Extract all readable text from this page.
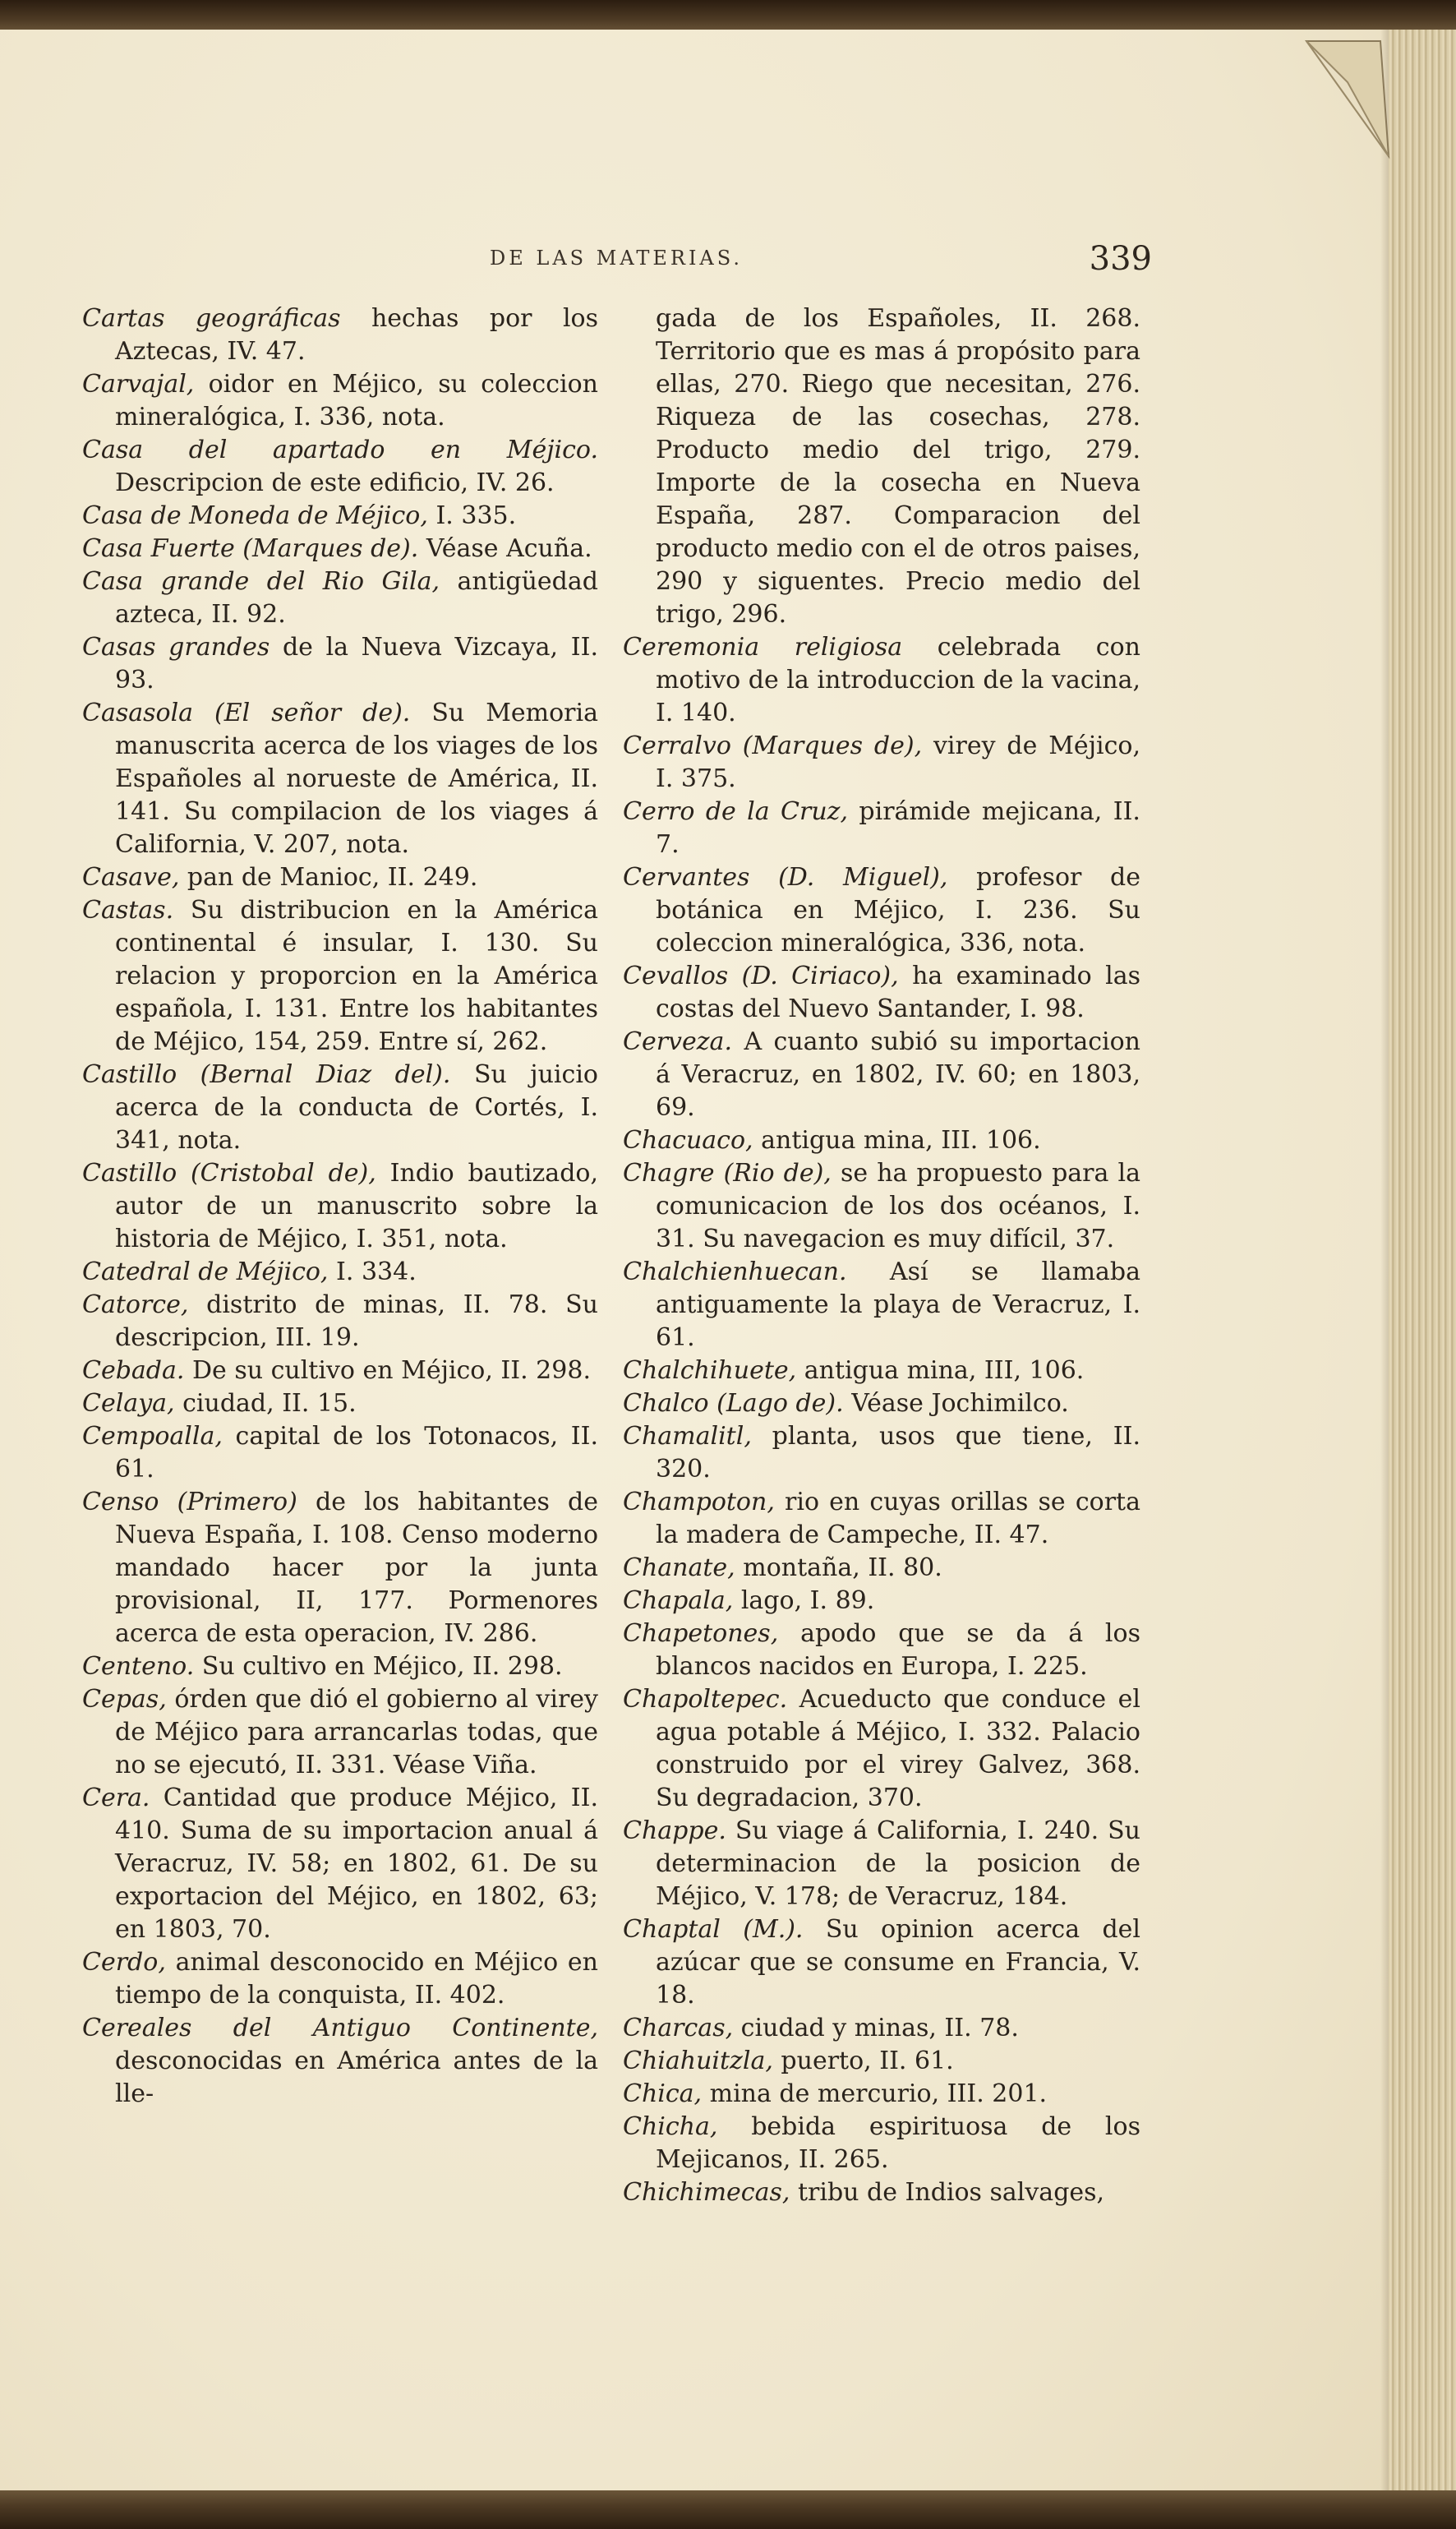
DE LAS MATERIAS.	339

Cartas geográficas hechas por los Aztecas, IV. 47.

Carvajal, oidor en Méjico, su coleccion mineralógica, I. 336, nota.

Casa del apartado en Méjico. Descripcion de este edificio, IV. 26.

Casa de Moneda de Méjico, I. 335.

Casa Fuerte (Marques de). Véase Acuña.

Casa grande del Rio Gila, antigüedad azteca, II. 92.

Casas grandes de la Nueva Vizcaya, II. 93.

Casasola (El señor de). Su Memoria manuscrita acerca de los viages de los Españoles al norueste de América, II. 141. Su compilacion de los viages á California, V. 207, nota.

Casave, pan de Manioc, II. 249.

Castas. Su distribucion en la América continental é insular, I. 130. Su relacion y proporcion en la América española, I. 131. Entre los habitantes de Méjico, 154, 259. Entre sí, 262.

Castillo (Bernal Diaz del). Su juicio acerca de la conducta de Cortés, I. 341, nota.

Castillo (Cristobal de), Indio bautizado, autor de un manuscrito sobre la historia de Méjico, I. 351, nota.

Catedral de Méjico, I. 334.

Catorce, distrito de minas, II. 78. Su descripcion, III. 19.

Cebada. De su cultivo en Méjico, II. 298.

Celaya, ciudad, II. 15.

Cempoalla, capital de los Totonacos, II. 61.

Censo (Primero) de los habitantes de Nueva España, I. 108. Censo moderno mandado hacer por la junta provisional, II, 177. Pormenores acerca de esta operacion, IV. 286.

Centeno. Su cultivo en Méjico, II. 298.

Cepas, órden que dió el gobierno al virey de Méjico para arrancarlas todas, que no se ejecutó, II. 331. Véase Viña.

Cera. Cantidad que produce Méjico, II. 410. Suma de su importacion anual á Veracruz, IV. 58; en 1802, 61. De su exportacion del Méjico, en 1802, 63; en 1803, 70.

Cerdo, animal desconocido en Méjico en tiempo de la conquista, II. 402.

Cereales del Antiguo Continente, desconocidas en América antes de la lle-

gada de los Españoles, II. 268. Territorio que es mas á propósito para ellas, 270. Riego que necesitan, 276. Riqueza de las cosechas, 278. Producto medio del trigo, 279. Importe de la cosecha en Nueva España, 287. Comparacion del producto medio con el de otros paises, 290 y siguentes. Precio medio del trigo, 296.

Ceremonia religiosa celebrada con motivo de la introduccion de la vacina, I. 140.

Cerralvo (Marques de), virey de Méjico, I. 375.

Cerro de la Cruz, pirámide mejicana, II. 7.

Cervantes (D. Miguel), profesor de botánica en Méjico, I. 236. Su coleccion mineralógica, 336, nota.

Cevallos (D. Ciriaco), ha examinado las costas del Nuevo Santander, I. 98.

Cerveza. A cuanto subió su importacion á Veracruz, en 1802, IV. 60; en 1803, 69.

Chacuaco, antigua mina, III. 106.

Chagre (Rio de), se ha propuesto para la comunicacion de los dos océanos, I. 31. Su navegacion es muy difícil, 37.

Chalchienhuecan. Así se llamaba antiguamente la playa de Veracruz, I. 61.

Chalchihuete, antigua mina, III, 106.

Chalco (Lago de). Véase Jochimilco.

Chamalitl, planta, usos que tiene, II. 320.

Champoton, rio en cuyas orillas se corta la madera de Campeche, II. 47.

Chanate, montaña, II. 80.

Chapala, lago, I. 89.

Chapetones, apodo que se da á los blancos nacidos en Europa, I. 225.

Chapoltepec. Acueducto que conduce el agua potable á Méjico, I. 332. Palacio construido por el virey Galvez, 368. Su degradacion, 370.

Chappe. Su viage á California, I. 240. Su determinacion de la posicion de Méjico, V. 178; de Veracruz, 184.

Chaptal (M.). Su opinion acerca del azúcar que se consume en Francia, V. 18.

Charcas, ciudad y minas, II. 78.

Chiahuitzla, puerto, II. 61.

Chica, mina de mercurio, III. 201.

Chicha, bebida espirituosa de los Mejicanos, II. 265.

Chichimecas, tribu de Indios salvages,
